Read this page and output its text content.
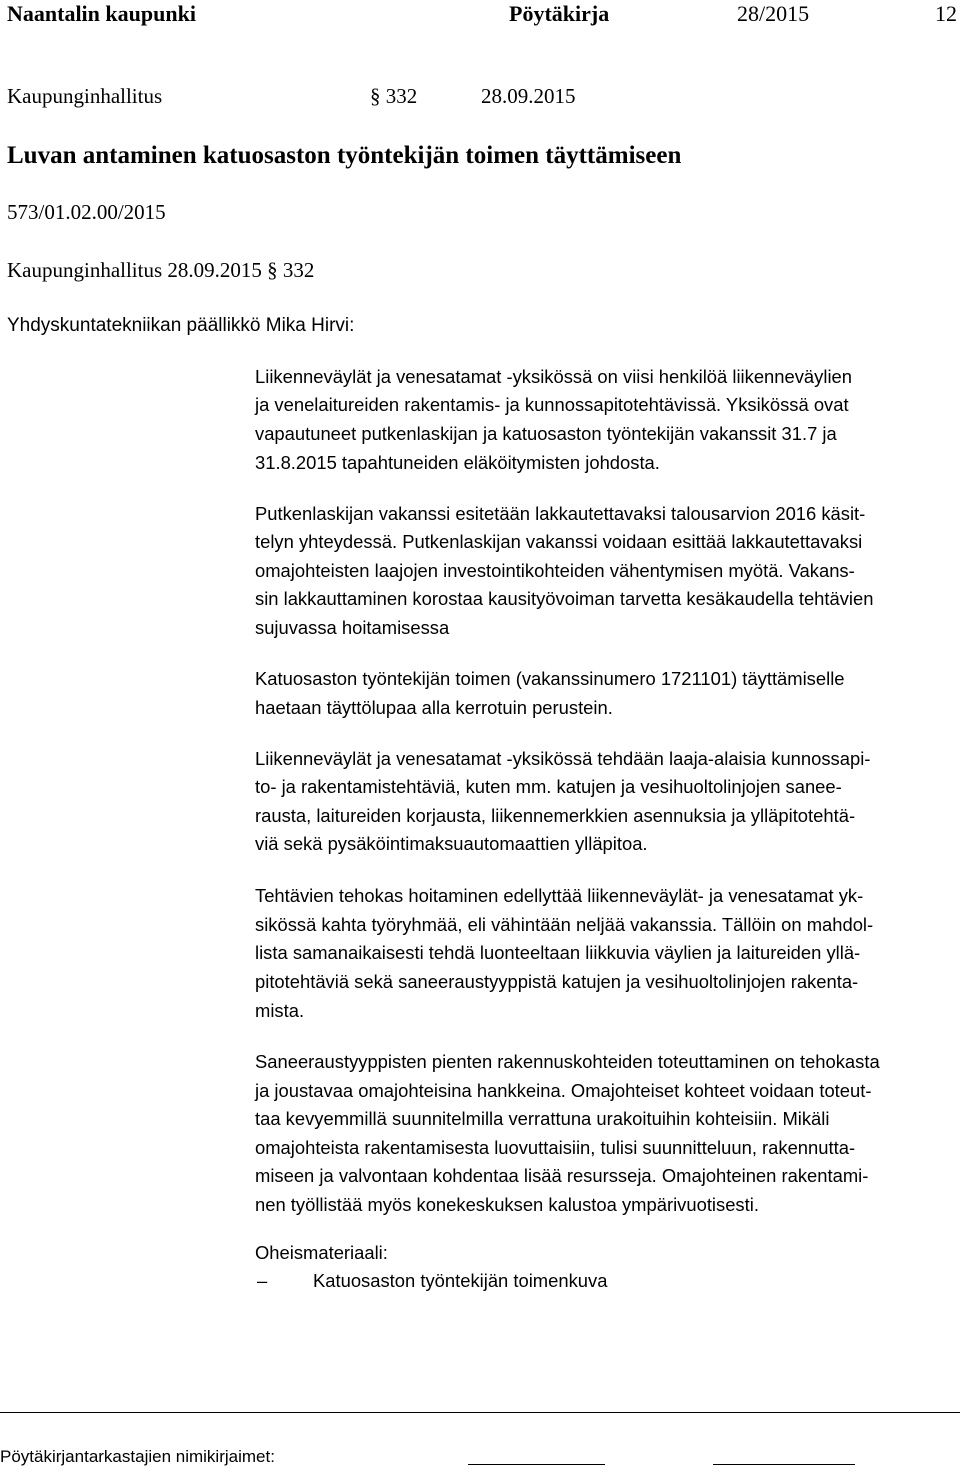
Naantalin kaupunki	Pöytäkirja	28/2015	12
Kaupunginhallitus	§ 332	28.09.2015
Luvan antaminen katuosaston työntekijän toimen täyttämiseen
573/01.02.00/2015
Kaupunginhallitus 28.09.2015 § 332
Yhdyskuntatekniikan päällikkö Mika Hirvi:
Liikenneväylät ja venesatamat -yksikössä on viisi henkilöä liikenneväylien
ja venelaitureiden rakentamis- ja kunnossapitotehtävissä. Yksikössä ovat
vapautuneet putkenlaskijan ja katuosaston työntekijän vakanssit 31.7 ja
31.8.2015 tapahtuneiden eläköitymisten johdosta.
Putkenlaskijan vakanssi esitetään lakkautettavaksi talousarvion 2016 käsit-
telyn yhteydessä. Putkenlaskijan vakanssi voidaan esittää lakkautettavaksi
omajohteisten laajojen investointikohteiden vähentymisen myötä. Vakans-
sin lakkauttaminen korostaa kausityövoiman tarvetta kesäkaudella tehtävien
sujuvassa hoitamisessa
Katuosaston työntekijän toimen (vakanssinumero 1721101) täyttämiselle
haetaan täyttölupaa alla kerrotuin perustein.
Liikenneväylät ja venesatamat -yksikössä tehdään laaja-alaisia kunnossapi-
to- ja rakentamistehtäviä, kuten mm. katujen ja vesihuoltolinjojen sanee-
rausta, laitureiden korjausta, liikennemerkkien asennuksia ja ylläpitotehtä-
viä sekä pysäköintimaksuautomaattien ylläpitoa.
Tehtävien tehokas hoitaminen edellyttää liikenneväylät- ja venesatamat yk-
sikössä kahta työryhmää, eli vähintään neljää vakanssia. Tällöin on mahdol-
lista samanaikaisesti tehdä luonteeltaan liikkuvia väylien ja laitureiden yllä-
pitotehtäviä sekä saneeraustyyppistä katujen ja vesihuoltolinjojen rakenta-
mista.
Saneeraustyyppisten pienten rakennuskohteiden toteuttaminen on tehokasta
ja joustavaa omajohteisina hankkeina. Omajohteiset kohteet voidaan toteut-
taa kevyemmillä suunnitelmilla verrattuna urakoituihin kohteisiin. Mikäli
omajohteista rakentamisesta luovuttaisiin, tulisi suunnitteluun, rakennutta-
miseen ja valvontaan kohdentaa lisää resursseja. Omajohteinen rakentami-
nen työllistää myös konekeskuksen kalustoa ympärivuotisesti.
Oheismateriaali:
– Katuosaston työntekijän toimenkuva
Pöytäkirjantarkastajien nimikirjaimet:
